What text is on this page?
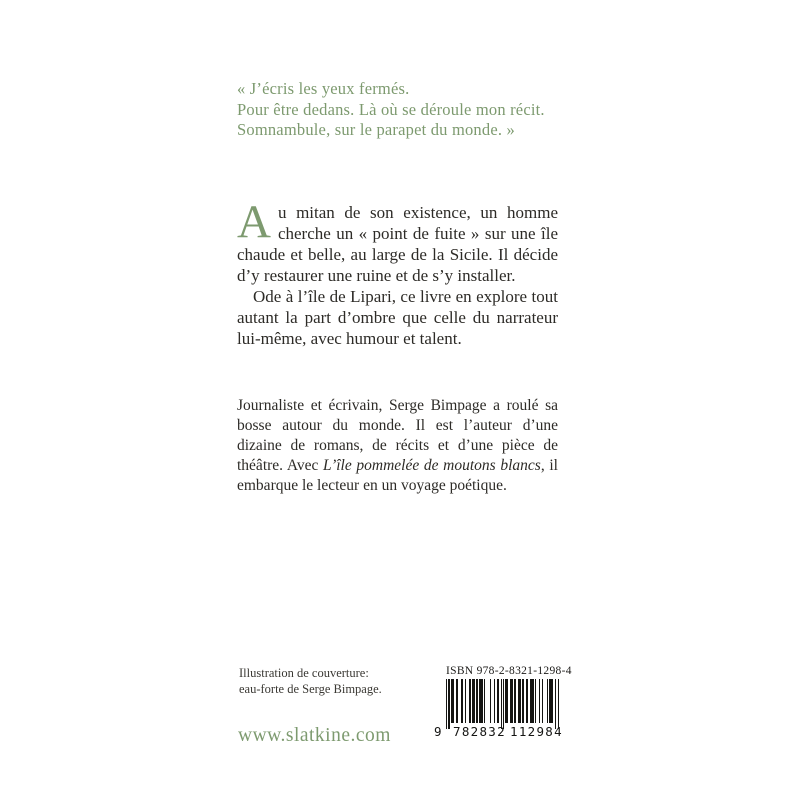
« J’écris les yeux fermés.
Pour être dedans. Là où se déroule mon récit.
Somnambule, sur le parapet du monde. »

Au mitan de son existence, un homme cherche un « point de fuite » sur une île chaude et belle, au large de la Sicile. Il décide d’y restaurer une ruine et de s’y installer.

Ode à l’île de Lipari, ce livre en explore tout autant la part d’ombre que celle du narrateur lui-même, avec humour et talent.

Journaliste et écrivain, Serge Bimpage a roulé sa bosse autour du monde. Il est l’auteur d’une dizaine de romans, de récits et d’une pièce de théâtre. Avec L’île pommelée de moutons blancs, il embarque le lecteur en un voyage poétique.
Illustration de couverture:
eau-forte de Serge Bimpage.
www.slatkine.com
ISBN 978-2-8321-1298-4
9 782832 112984
